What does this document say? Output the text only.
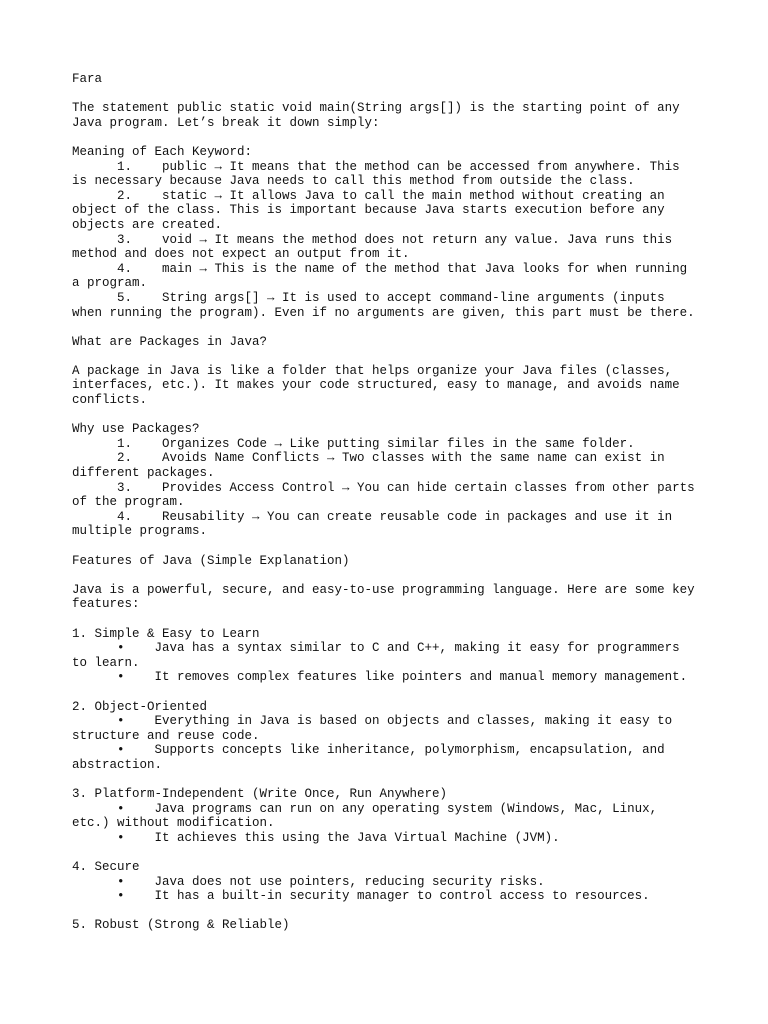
Fara
The statement public static void main(String args[]) is the starting point of any
Java program. Let’s break it down simply:
Meaning of Each Keyword:
1.    public → It means that the method can be accessed from anywhere. This
is necessary because Java needs to call this method from outside the class.
2.    static → It allows Java to call the main method without creating an
object of the class. This is important because Java starts execution before any
objects are created.
3.    void → It means the method does not return any value. Java runs this
method and does not expect an output from it.
4.    main → This is the name of the method that Java looks for when running
a program.
5.    String args[] → It is used to accept command-line arguments (inputs
when running the program). Even if no arguments are given, this part must be there.
What are Packages in Java?
A package in Java is like a folder that helps organize your Java files (classes,
interfaces, etc.). It makes your code structured, easy to manage, and avoids name
conflicts.
Why use Packages?
1.    Organizes Code → Like putting similar files in the same folder.
2.    Avoids Name Conflicts → Two classes with the same name can exist in
different packages.
3.    Provides Access Control → You can hide certain classes from other parts
of the program.
4.    Reusability → You can create reusable code in packages and use it in
multiple programs.
Features of Java (Simple Explanation)
Java is a powerful, secure, and easy-to-use programming language. Here are some key
features:
1. Simple & Easy to Learn
•    Java has a syntax similar to C and C++, making it easy for programmers
to learn.
•    It removes complex features like pointers and manual memory management.
2. Object-Oriented
•    Everything in Java is based on objects and classes, making it easy to
structure and reuse code.
•    Supports concepts like inheritance, polymorphism, encapsulation, and
abstraction.
3. Platform-Independent (Write Once, Run Anywhere)
•    Java programs can run on any operating system (Windows, Mac, Linux,
etc.) without modification.
•    It achieves this using the Java Virtual Machine (JVM).
4. Secure
•    Java does not use pointers, reducing security risks.
•    It has a built-in security manager to control access to resources.
5. Robust (Strong & Reliable)
